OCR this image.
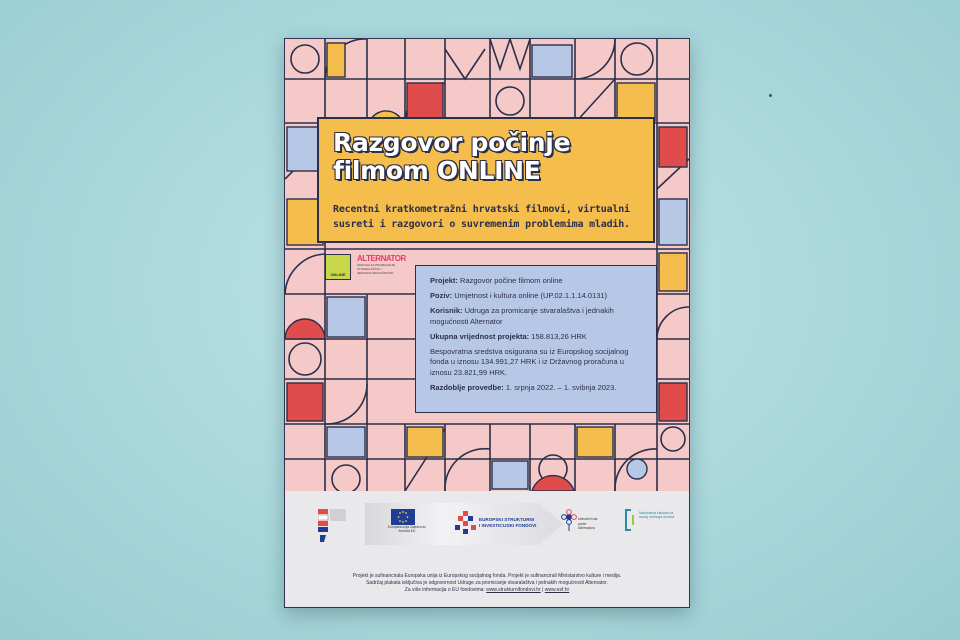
Razgovor počinje
filmom ONLINE

Recentni kratkometražni hrvatski filmovi, virtualni susreti i razgovori o suvremenim problemima mladih.

ONLINE
ALTERNATOR
UDRUGA ZA PROMICANJE STVARALAŠTVA I JEDNAKIH MOGUĆNOSTI

Projekt: Razgovor počine filmom online

Poziv: Umjetnost i kultura online (UP.02.1.1.14.0131)

Korisnik: Udruga za promicanje stvaralaštva i jednakih mogućnosti Alternator

Ukupna vrijednost projekta: 158.813,26 HRK

Bespovratna sredstva osigurana su iz Europskog socijalnog fonda u iznosu 134.991,27 HRK i iz Državnog proračuna u iznosu 23.821,99 HRK.

Razdoblje provedbe: 1. srpnja 2022. – 1. svibnja 2023.

Europska unija Zajedno do fondova EU
EUROPSKI STRUKTURNI
I INVESTICIJSKI FONDOVI
Udruženi rad protiv Alternatora
Nacionalna zaklada za razvoj civilnoga društva

Projekt je sufinancirala Europska unija iz Europskog socijalnog fonda. Projekt je sufinancirali Ministarstvo kulture i medija.

Sadržaj plakata isključiva je odgovornost Udruge za promicanje stvaralaštva i jednakih mogućnosti Alternator.

Za više informacija o EU fondovima: www.strukturnifondovi.hr | www.esf.hr
